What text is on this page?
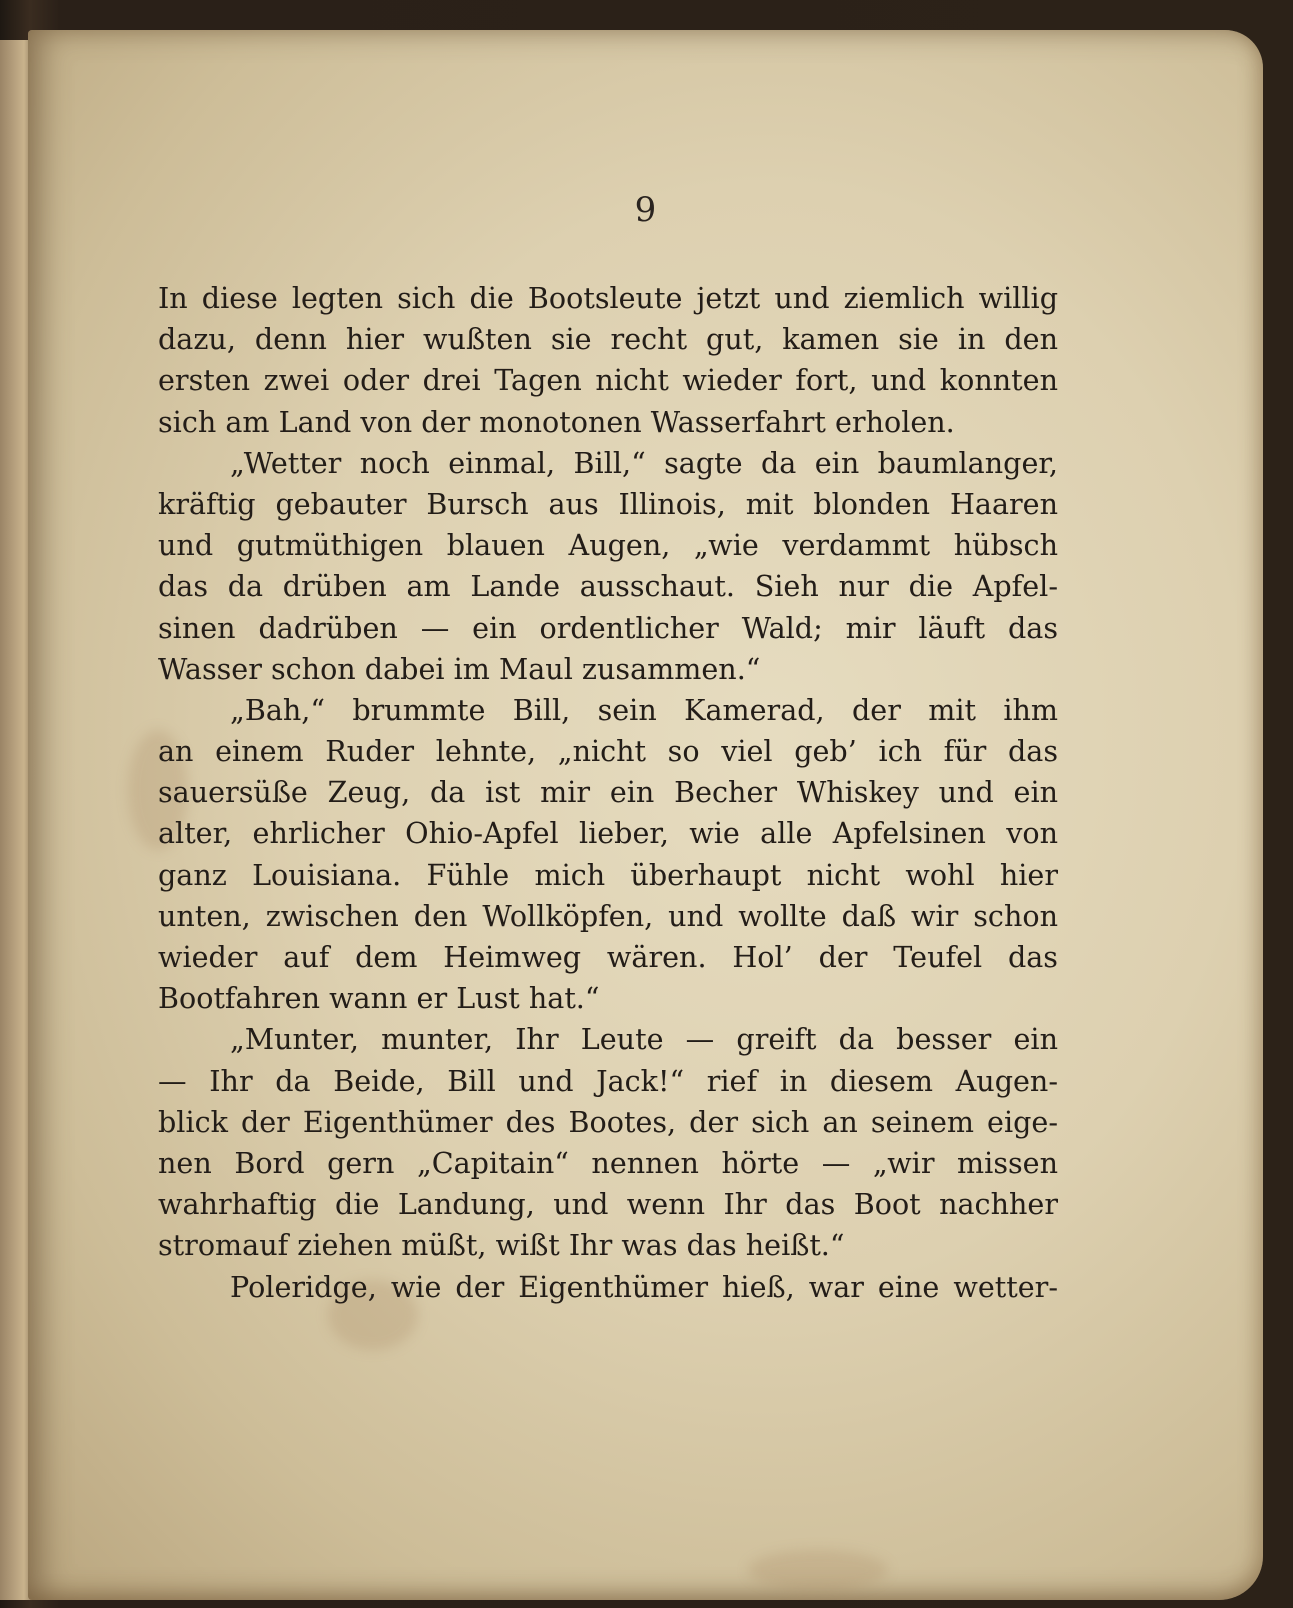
9
In diese legten sich die Bootsleute jetzt und ziemlich willig
dazu, denn hier wußten sie recht gut, kamen sie in den
ersten zwei oder drei Tagen nicht wieder fort, und konnten
sich am Land von der monotonen Wasserfahrt erholen.
„Wetter noch einmal, Bill,“ sagte da ein baumlanger,
kräftig gebauter Bursch aus Illinois, mit blonden Haaren
und gutmüthigen blauen Augen, „wie verdammt hübsch
das da drüben am Lande ausschaut. Sieh nur die Apfel-
sinen dadrüben — ein ordentlicher Wald; mir läuft das
Wasser schon dabei im Maul zusammen.“
„Bah,“ brummte Bill, sein Kamerad, der mit ihm
an einem Ruder lehnte, „nicht so viel geb’ ich für das
sauersüße Zeug, da ist mir ein Becher Whiskey und ein
alter, ehrlicher Ohio-Apfel lieber, wie alle Apfelsinen von
ganz Louisiana. Fühle mich überhaupt nicht wohl hier
unten, zwischen den Wollköpfen, und wollte daß wir schon
wieder auf dem Heimweg wären. Hol’ der Teufel das
Bootfahren wann er Lust hat.“
„Munter, munter, Ihr Leute — greift da besser ein
— Ihr da Beide, Bill und Jack!“ rief in diesem Augen-
blick der Eigenthümer des Bootes, der sich an seinem eige-
nen Bord gern „Capitain“ nennen hörte — „wir missen
wahrhaftig die Landung, und wenn Ihr das Boot nachher
stromauf ziehen müßt, wißt Ihr was das heißt.“
Poleridge, wie der Eigenthümer hieß, war eine wetter-
